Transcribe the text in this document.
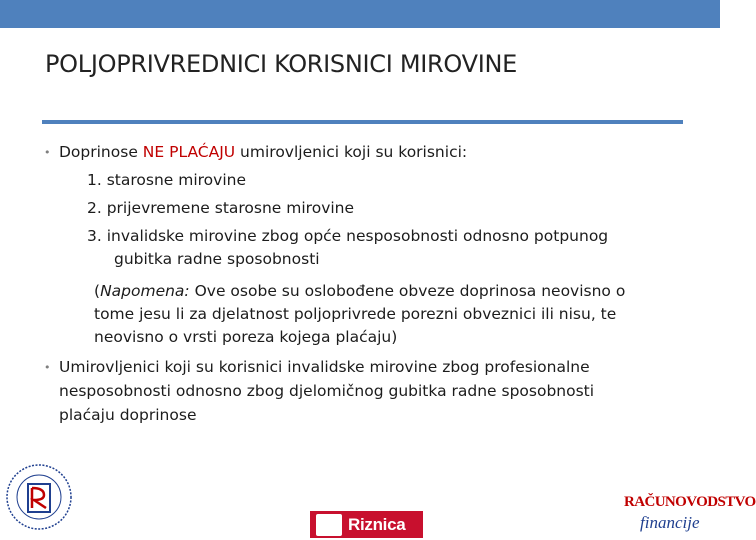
POLJOPRIVREDNICI KORISNICI MIROVINE
• Doprinose NE PLAĆAJU umirovljenici koji su korisnici:
1. starosne mirovine
2. prijevremene starosne mirovine
3. invalidske mirovine zbog opće nesposobnosti odnosno potpunog
gubitka radne sposobnosti
(Napomena: Ove osobe su oslobođene obveze doprinosa neovisno o
tome jesu li za djelatnost poljoprivrede porezni obveznici ili nisu, te
neovisno o vrsti poreza kojega plaćaju)
• Umirovljenici koji su korisnici invalidske mirovine zbog profesionalne
nesposobnosti odnosno zbog djelomičnog gubitka radne sposobnosti
plaćaju doprinose
Riznica
RAČUNOVODSTVO
financije
